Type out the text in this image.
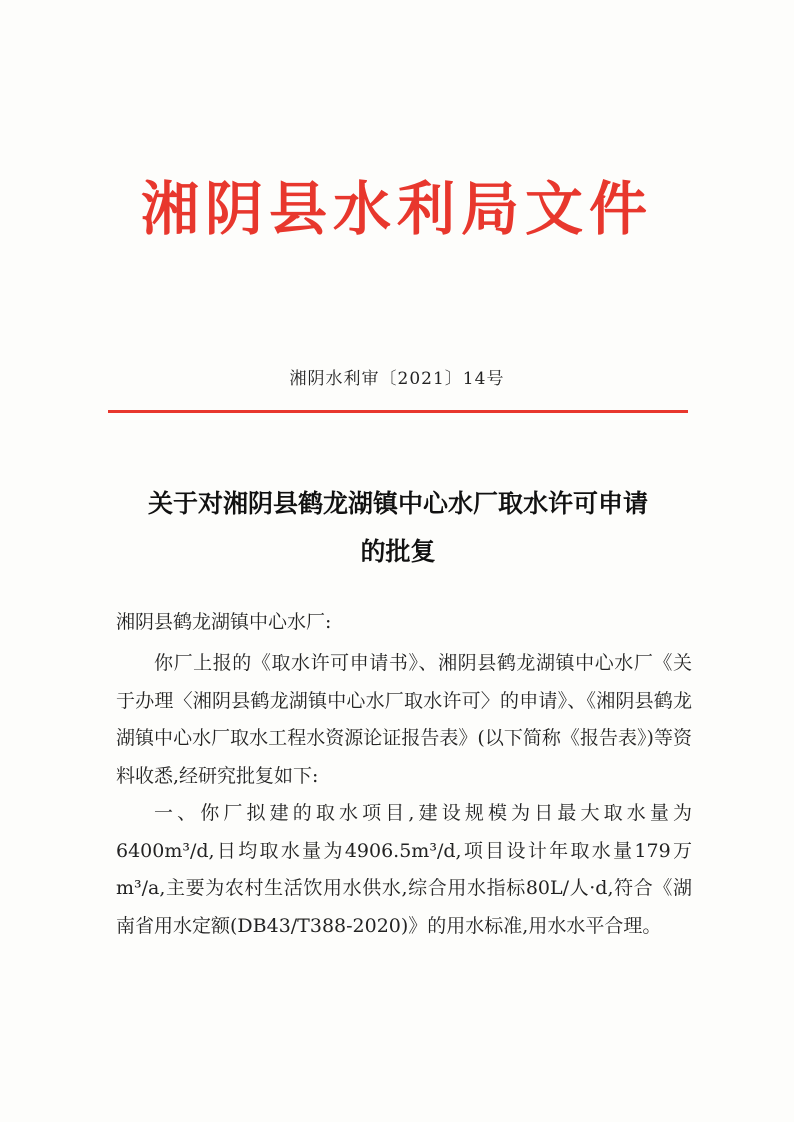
湘阴县水利局文件
湘阴水利审〔2021〕14号
关于对湘阴县鹤龙湖镇中心水厂取水许可申请
的批复
湘阴县鹤龙湖镇中心水厂:

你厂上报的《取水许可申请书》、湘阴县鹤龙湖镇中心水厂《关于办理〈湘阴县鹤龙湖镇中心水厂取水许可〉的申请》、《湘阴县鹤龙湖镇中心水厂取水工程水资源论证报告表》(以下简称《报告表》)等资料收悉,经研究批复如下:

一、你厂拟建的取水项目,建设规模为日最大取水量为6400m³/d,日均取水量为4906.5m³/d,项目设计年取水量179万m³/a,主要为农村生活饮用水供水,综合用水指标80L/人·d,符合《湖南省用水定额(DB43/T388-2020)》的用水标准,用水水平合理。
